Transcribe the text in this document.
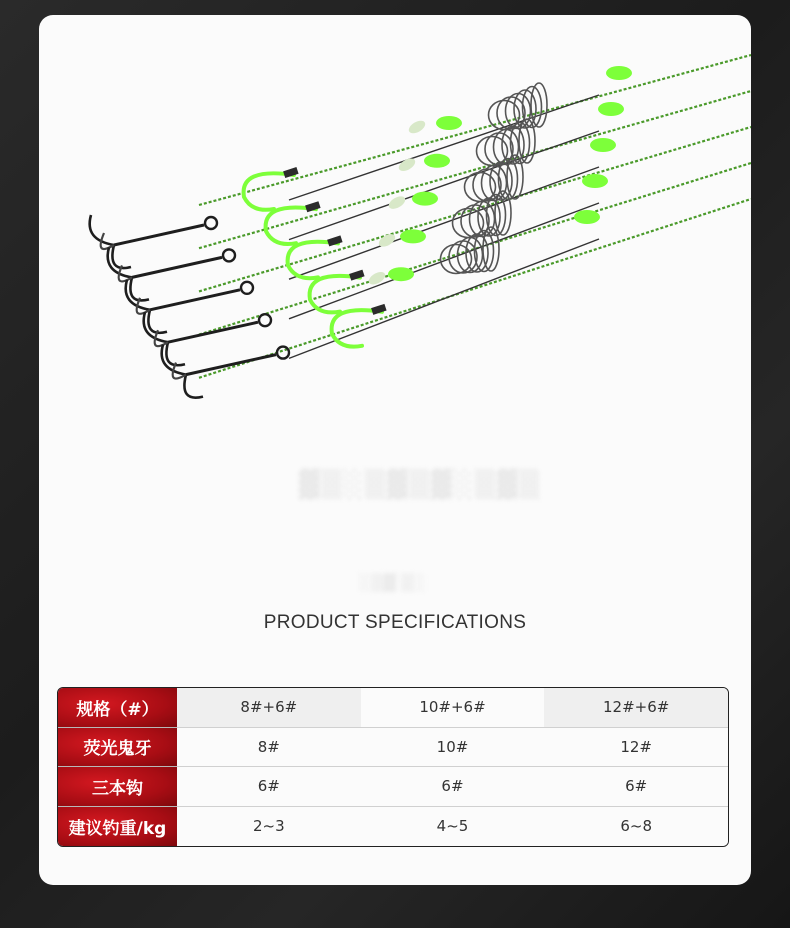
▓▒░▒▓▒▓░▒▓▒
░▒▓ ▒░
PRODUCT SPECIFICATIONS
规格（#）	8#+6#	10#+6#	12#+6#
荧光鬼牙	8#	10#	12#
三本钩	6#	6#	6#
建议钓重/kg	2~3	4~5	6~8
